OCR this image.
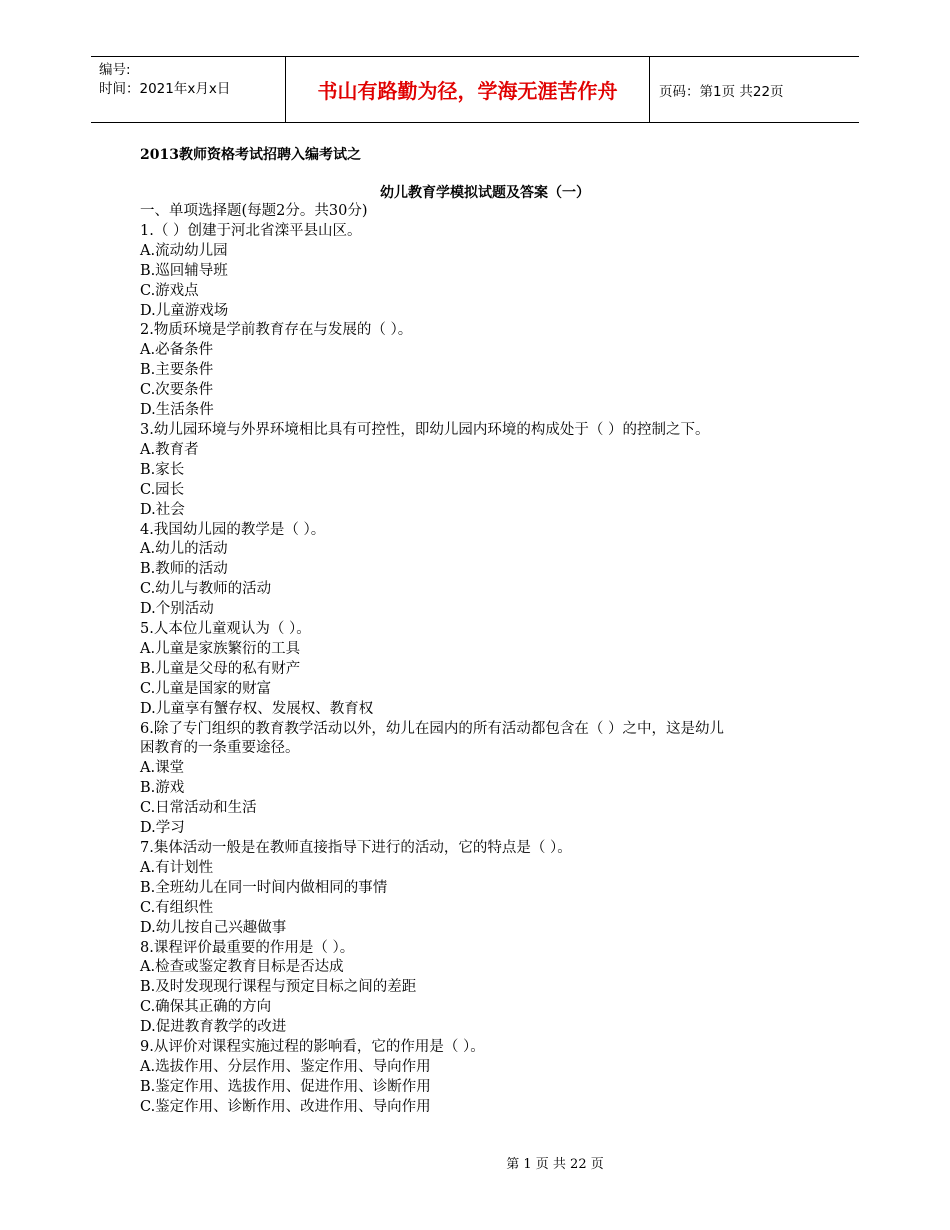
编号:
时间：2021年x月x日	书山有路勤为径，学海无涯苦作舟	页码：第1页 共22页
2013教师资格考试招聘入编考试之
幼儿教育学模拟试题及答案（一）
一、单项选择题(每题2分。共30分)
1.（ ）创建于河北省滦平县山区。
A.流动幼儿园
B.巡回辅导班
C.游戏点
D.儿童游戏场
2.物质环境是学前教育存在与发展的（ ）。
A.必备条件
B.主要条件
C.次要条件
D.生活条件
3.幼儿园环境与外界环境相比具有可控性，即幼儿园内环境的构成处于（ ）的控制之下。
A.教育者
B.家长
C.园长
D.社会
4.我国幼儿园的教学是（ ）。
A.幼儿的活动
B.教师的活动
C.幼儿与教师的活动
D.个别活动
5.人本位儿童观认为（ ）。
A.儿童是家族繁衍的工具
B.儿童是父母的私有财产
C.儿童是国家的财富
D.儿童享有蟹存权、发展权、教育权
6.除了专门组织的教育教学活动以外，幼儿在园内的所有活动都包含在（ ）之中，这是幼儿
困教育的一条重要途径。
A.课堂
B.游戏
C.日常活动和生活
D.学习
7.集体活动一般是在教师直接指导下进行的活动，它的特点是（ ）。
A.有计划性
B.全班幼儿在同一时间内做相同的事情
C.有组织性
D.幼儿按自己兴趣做事
8.课程评价最重要的作用是（ ）。
A.检查或鉴定教育目标是否达成
B.及时发现现行课程与预定目标之间的差距
C.确保其正确的方向
D.促进教育教学的改进
9.从评价对课程实施过程的影响看，它的作用是（ ）。
A.选拔作用、分层作用、鉴定作用、导向作用
B.鉴定作用、选拔作用、促进作用、诊断作用
C.鉴定作用、诊断作用、改进作用、导向作用
第 1 页 共 22 页
